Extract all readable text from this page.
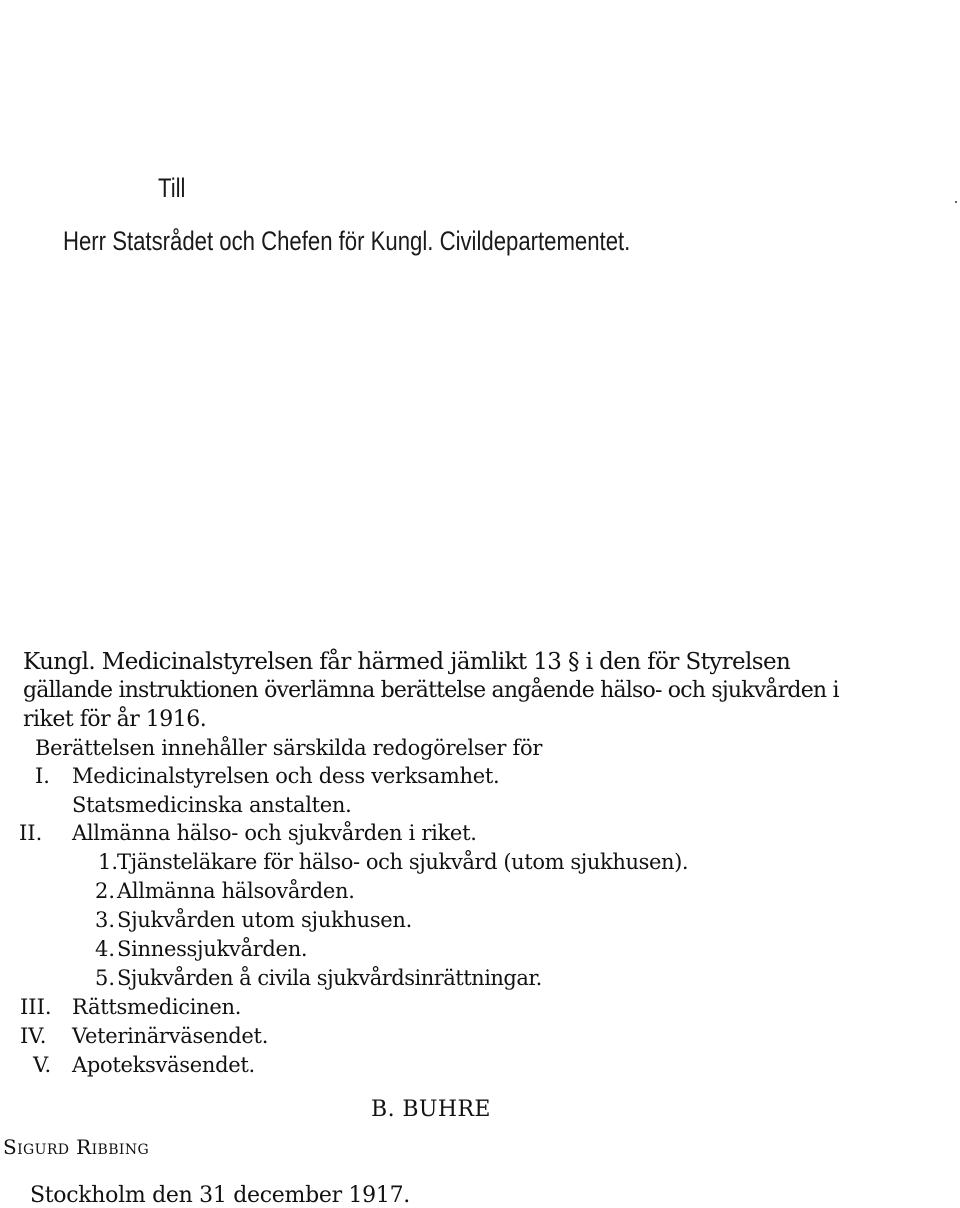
Till
Herr Statsrådet och Chefen för Kungl. Civildepartementet.
Kungl. Medicinalstyrelsen får härmed jämlikt 13 § i den för Styrelsen
gällande instruktionen överlämna berättelse angående hälso- och sjukvården i
riket för år 1916.
Berättelsen innehåller särskilda redogörelser för
I. Medicinalstyrelsen och dess verksamhet.
Statsmedicinska anstalten.
II. Allmänna hälso- och sjukvården i riket.
1.
Tjänsteläkare för hälso- och sjukvård (utom sjukhusen).
2. Allmänna hälsovården.
3. Sjukvården utom sjukhusen.
4. Sinnessjukvården.
5. Sjukvården å civila sjukvårdsinrättningar.
III. Rättsmedicinen.
IV. Veterinärväsendet.
V. Apoteksväsendet.
B. BUHRE
Sigurd Ribbing
Stockholm den 31 december 1917.
